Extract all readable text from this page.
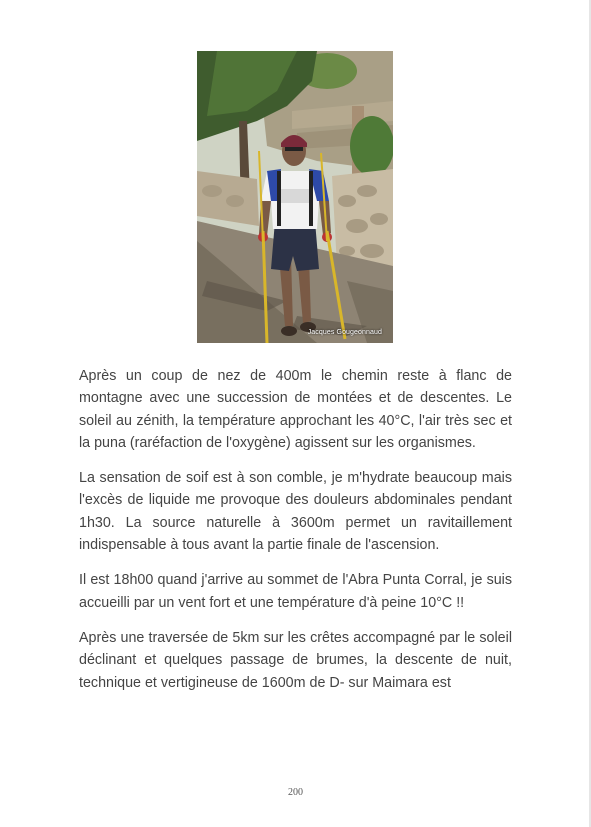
Jacques Gougeonnaud

Après un coup de nez de 400m le chemin reste à flanc de montagne avec une succession de montées et de descentes. Le soleil au zénith, la température approchant les 40°C, l'air très sec et la puna (raréfaction de l'oxygène) agissent sur les organismes.

La sensation de soif est à son comble, je m'hydrate beaucoup mais l'excès de liquide me provoque des douleurs abdominales pendant 1h30. La source naturelle à 3600m permet un ravitaillement indispensable à tous avant la partie finale de l'ascension.

Il est 18h00 quand j'arrive au sommet de l'Abra Punta Corral, je suis accueilli par un vent fort et une température d'à peine 10°C !!

Après une traversée de 5km sur les crêtes accompagné par le soleil déclinant et quelques passage de brumes, la descente de nuit, technique et vertigineuse de 1600m de D- sur Maimara est

200
